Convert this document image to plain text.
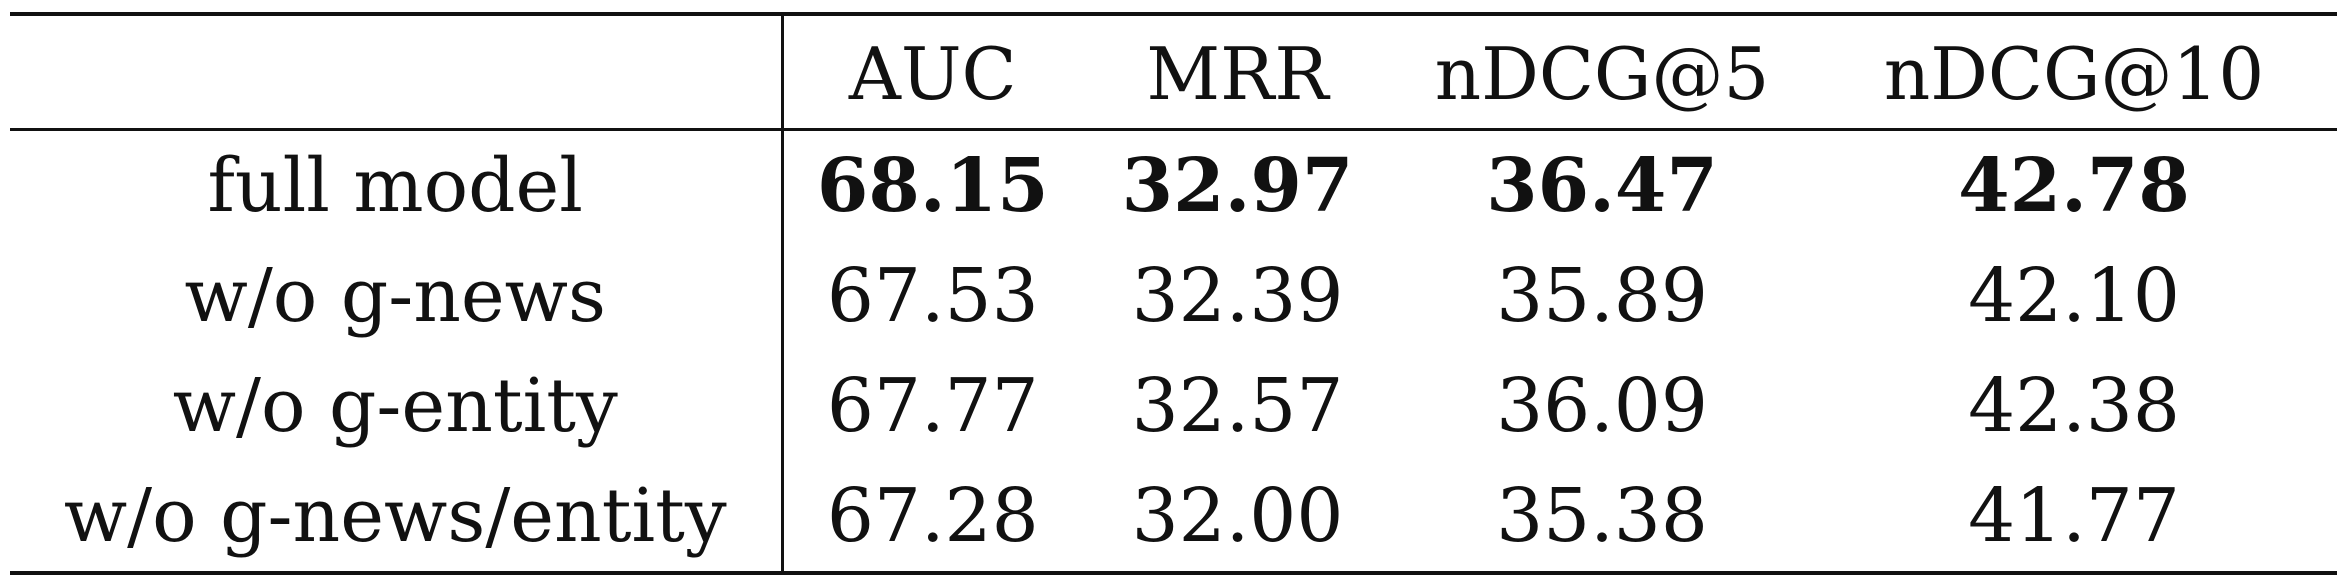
	AUC	MRR	nDCG@5	nDCG@10
full model	68.15	32.97	36.47	42.78
w/o g-news	67.53	32.39	35.89	42.10
w/o g-entity	67.77	32.57	36.09	42.38
w/o g-news/entity	67.28	32.00	35.38	41.77
